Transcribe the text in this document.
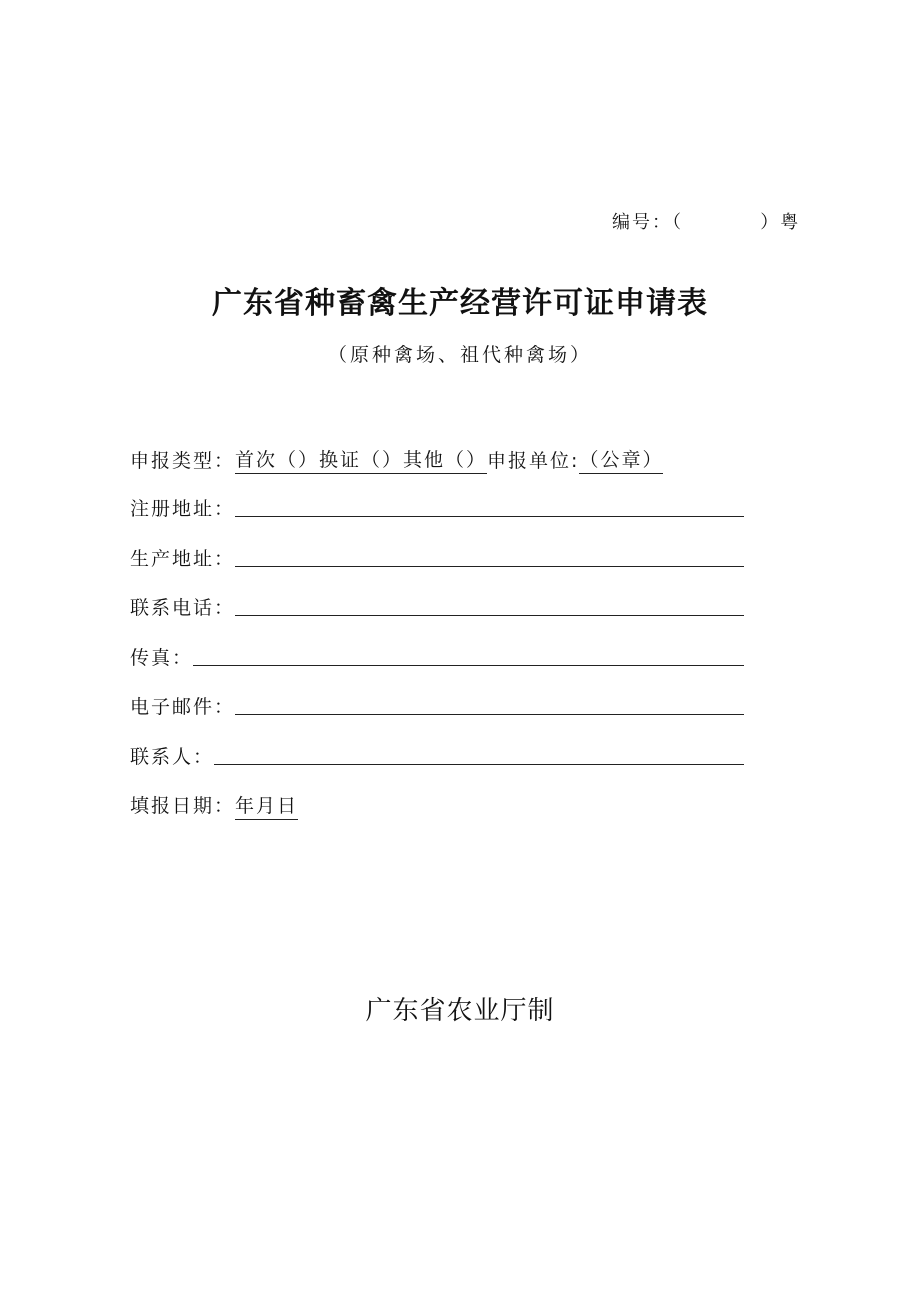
编号：（          ）粤
广东省种畜禽生产经营许可证申请表
（原种禽场、祖代种禽场）
申报类型： 首次（）换证（）其他（） 申报单位: （公章）
注册地址：
生产地址：
联系电话：
传真：
电子邮件：
联系人：
填报日期： 年月日
广东省农业厅制
